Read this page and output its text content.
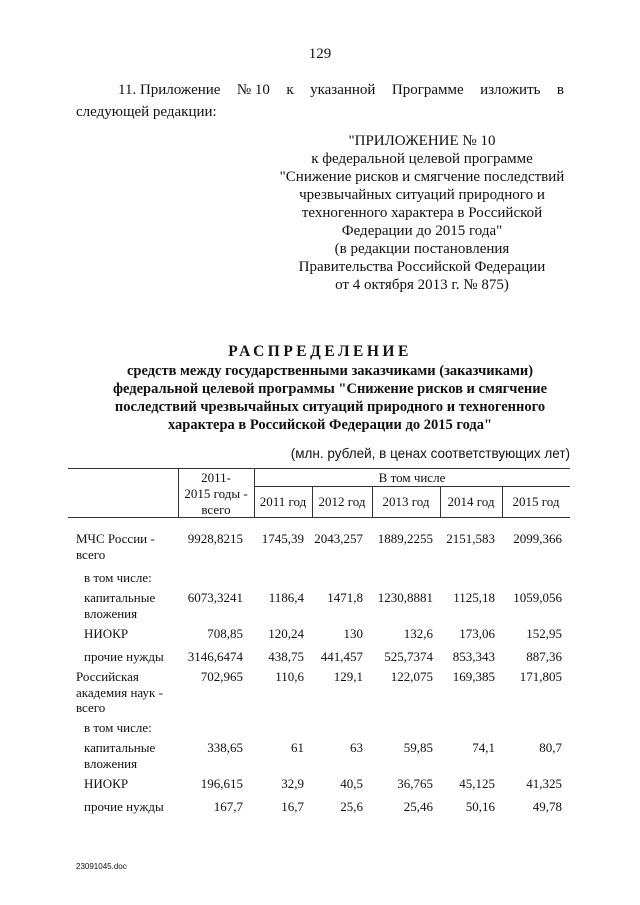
129
11. Приложение № 10 к указанной Программе изложить в
следующей редакции:
"ПРИЛОЖЕНИЕ № 10
к федеральной целевой программе
"Снижение рисков и смягчение последствий
чрезвычайных ситуаций природного и
техногенного характера в Российской
Федерации до 2015 года"
(в редакции постановления
Правительства Российской Федерации
от 4 октября 2013 г. № 875)
РАСПРЕДЕЛЕНИЕ
средств между государственными заказчиками (заказчиками)
федеральной целевой программы "Снижение рисков и смягчение
последствий чрезвычайных ситуаций природного и техногенного
характера в Российской Федерации до 2015 года"
(млн. рублей, в ценах соответствующих лет)
2011-
2015 годы -
всего
В том числе
2011 год 2012 год	2013 год	2014 год	2015 год
МЧС России -
всего
9928,8215	1745,39 2043,257	1889,2255	2151,583	2099,366
в том числе:
капитальные
вложения
6073,3241	1186,4	1471,8	1230,8881	1125,18	1059,056
НИОКР	708,85	120,24	130	132,6	173,06	152,95
прочие нужды	3146,6474	438,75	441,457	525,7374	853,343	887,36
Российская
академия наук -
всего
702,965	110,6	129,1	122,075	169,385	171,805
в том числе:
капитальные
вложения
338,65	61	63	59,85	74,1	80,7
НИОКР	196,615	32,9	40,5	36,765	45,125	41,325
прочие нужды	167,7	16,7	25,6	25,46	50,16	49,78
23091045.doc
